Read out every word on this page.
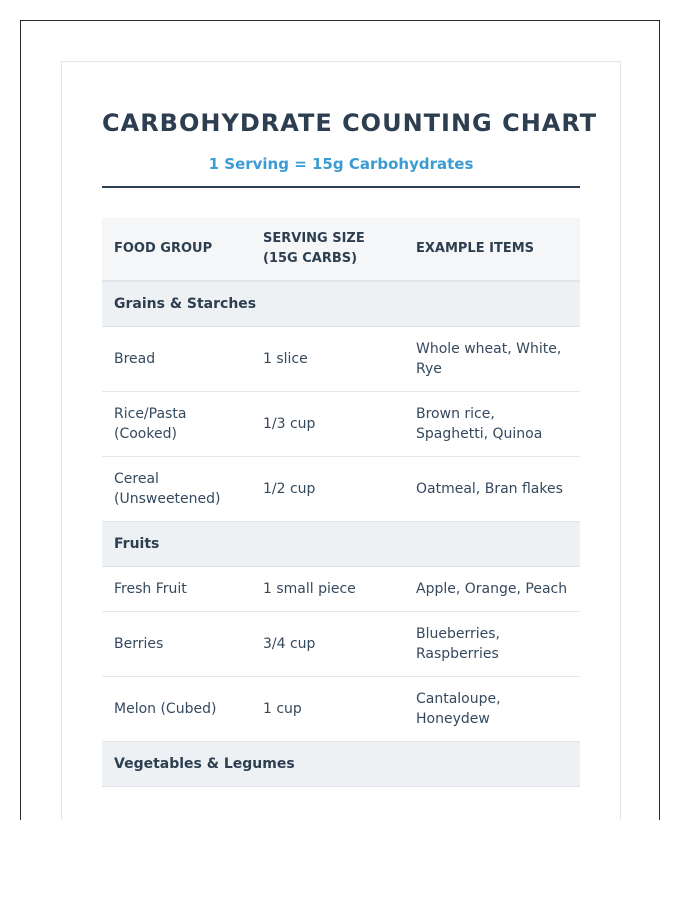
CARBOHYDRATE COUNTING CHART
1 Serving = 15g Carbohydrates
FOOD GROUP	SERVING SIZE (15G CARBS)	EXAMPLE ITEMS
Grains & Starches		
Bread	1 slice	Whole wheat, White, Rye
Rice/Pasta (Cooked)	1/3 cup	Brown rice, Spaghetti, Quinoa
Cereal (Unsweetened)	1/2 cup	Oatmeal, Bran flakes
Fruits		
Fresh Fruit	1 small piece	Apple, Orange, Peach
Berries	3/4 cup	Blueberries, Raspberries
Melon (Cubed)	1 cup	Cantaloupe, Honeydew
Vegetables & Legumes		
